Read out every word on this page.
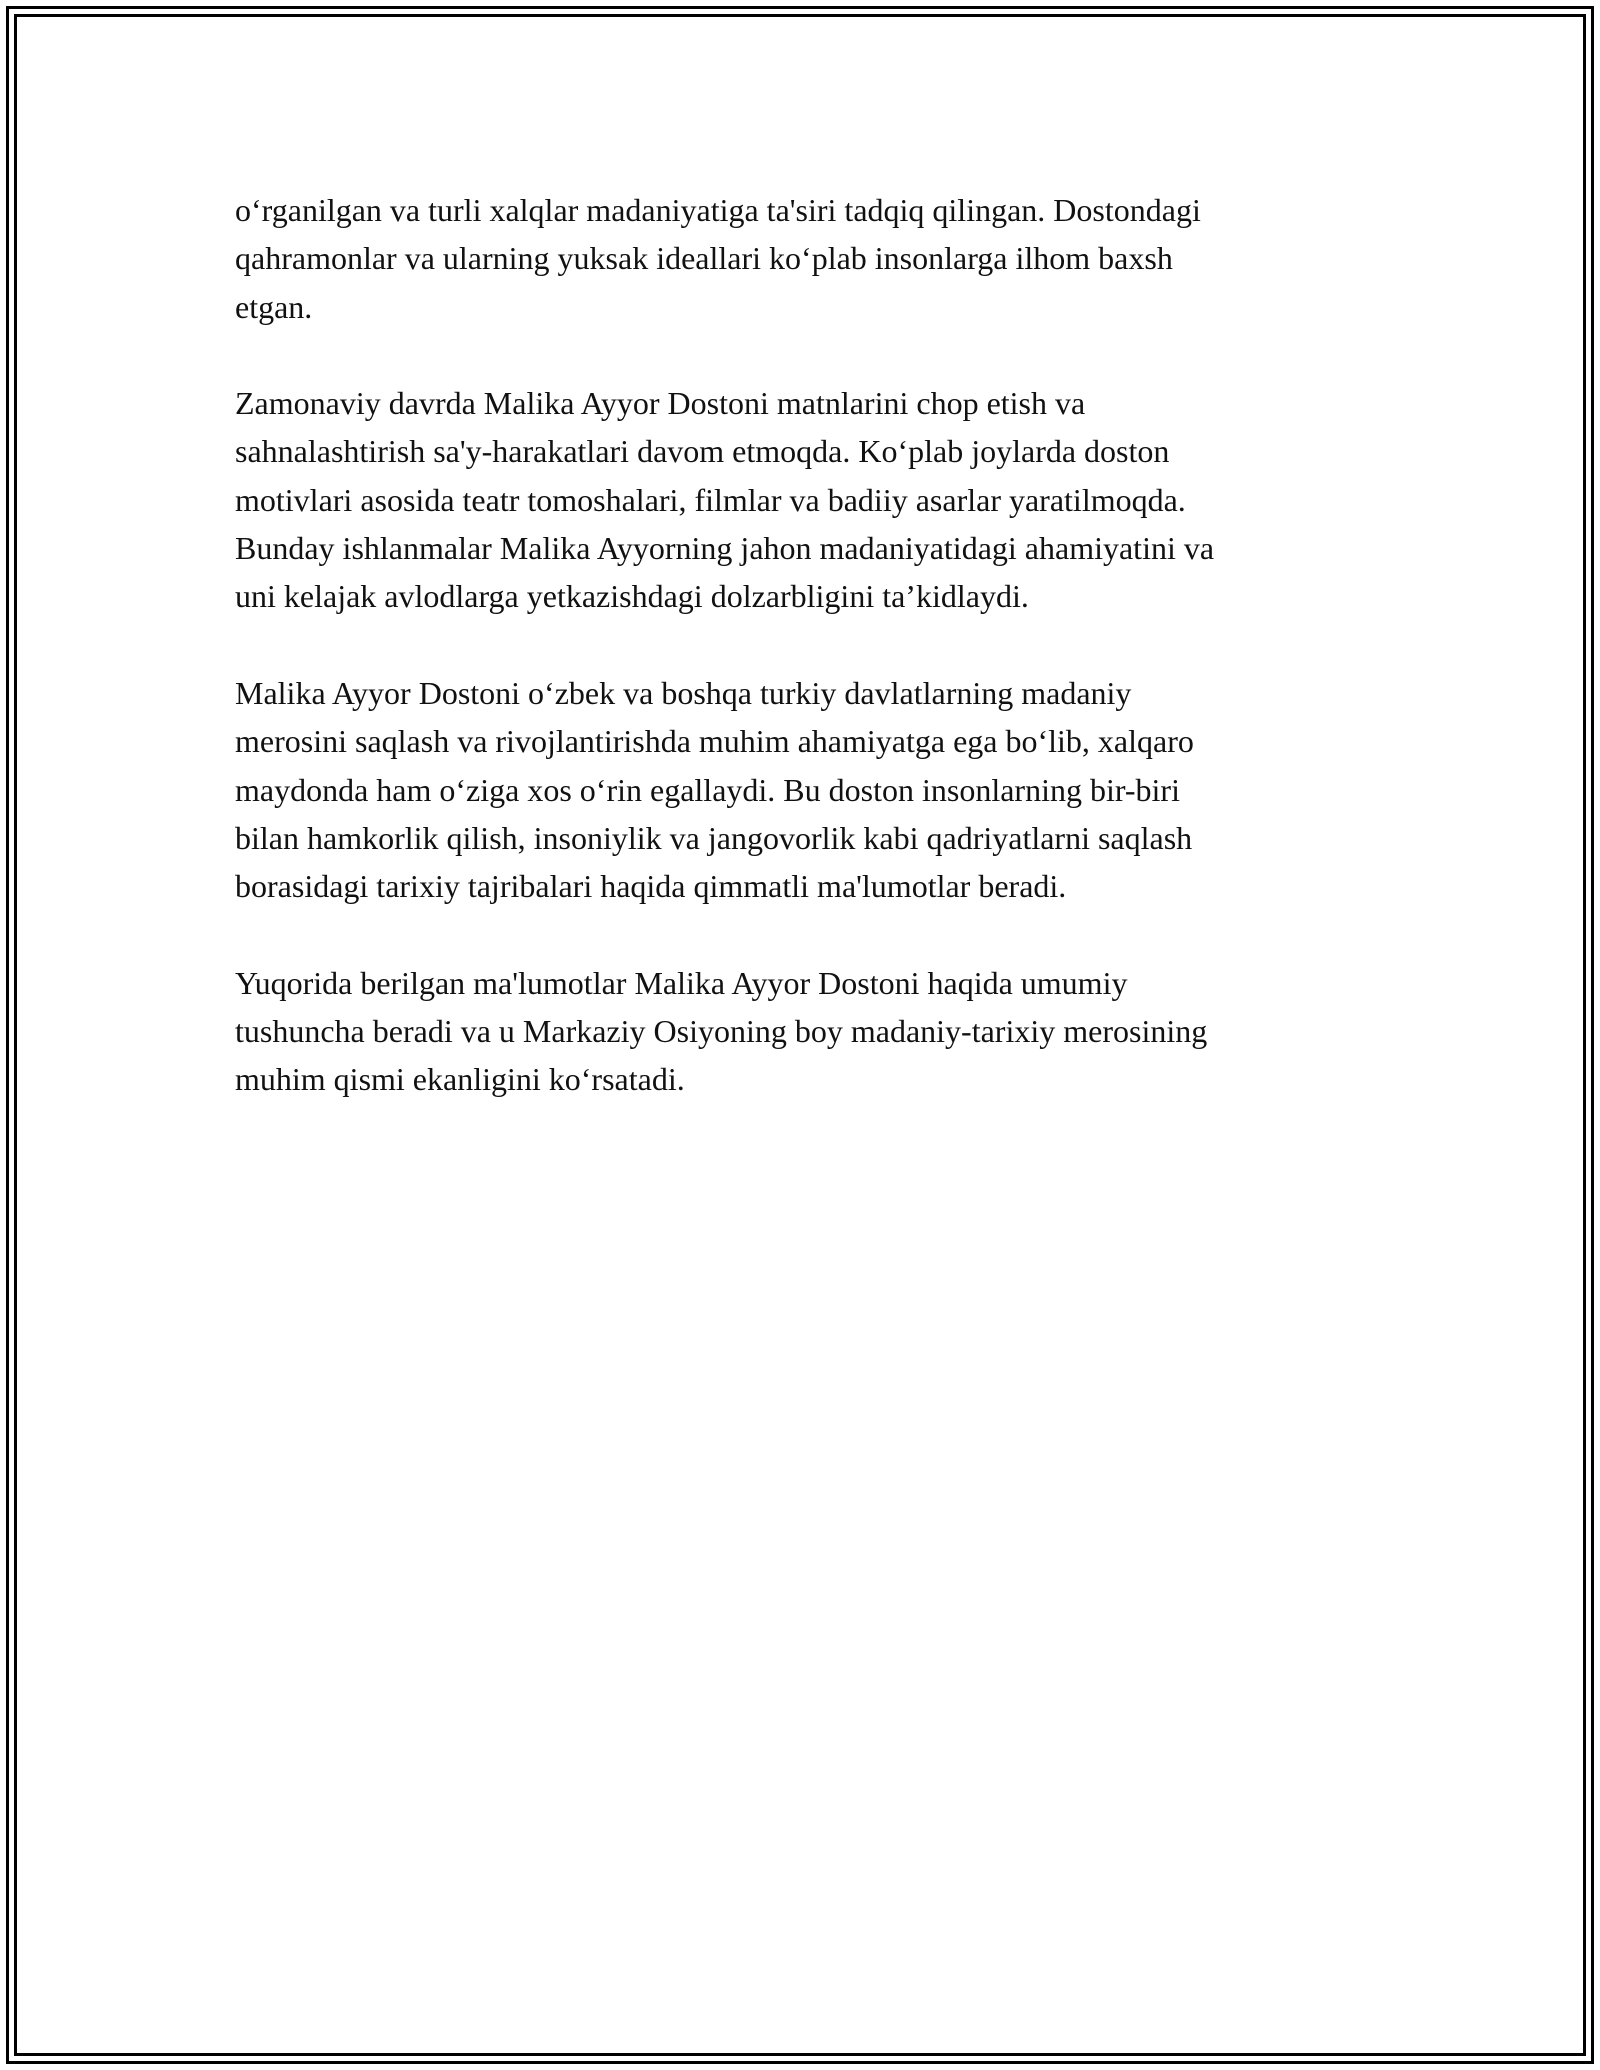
o‘rganilgan va turli xalqlar madaniyatiga ta'siri tadqiq qilingan. Dostondagi
qahramonlar va ularning yuksak ideallari ko‘plab insonlarga ilhom baxsh
etgan.

Zamonaviy davrda Malika Ayyor Dostoni matnlarini chop etish va
sahnalashtirish sa'y-harakatlari davom etmoqda. Ko‘plab joylarda doston
motivlari asosida teatr tomoshalari, filmlar va badiiy asarlar yaratilmoqda.
Bunday ishlanmalar Malika Ayyorning jahon madaniyatidagi ahamiyatini va
uni kelajak avlodlarga yetkazishdagi dolzarbligini ta’kidlaydi.

Malika Ayyor Dostoni o‘zbek va boshqa turkiy davlatlarning madaniy
merosini saqlash va rivojlantirishda muhim ahamiyatga ega bo‘lib, xalqaro
maydonda ham o‘ziga xos o‘rin egallaydi. Bu doston insonlarning bir-biri
bilan hamkorlik qilish, insoniylik va jangovorlik kabi qadriyatlarni saqlash
borasidagi tarixiy tajribalari haqida qimmatli ma'lumotlar beradi.

Yuqorida berilgan ma'lumotlar Malika Ayyor Dostoni haqida umumiy
tushuncha beradi va u Markaziy Osiyoning boy madaniy-tarixiy merosining
muhim qismi ekanligini ko‘rsatadi.
